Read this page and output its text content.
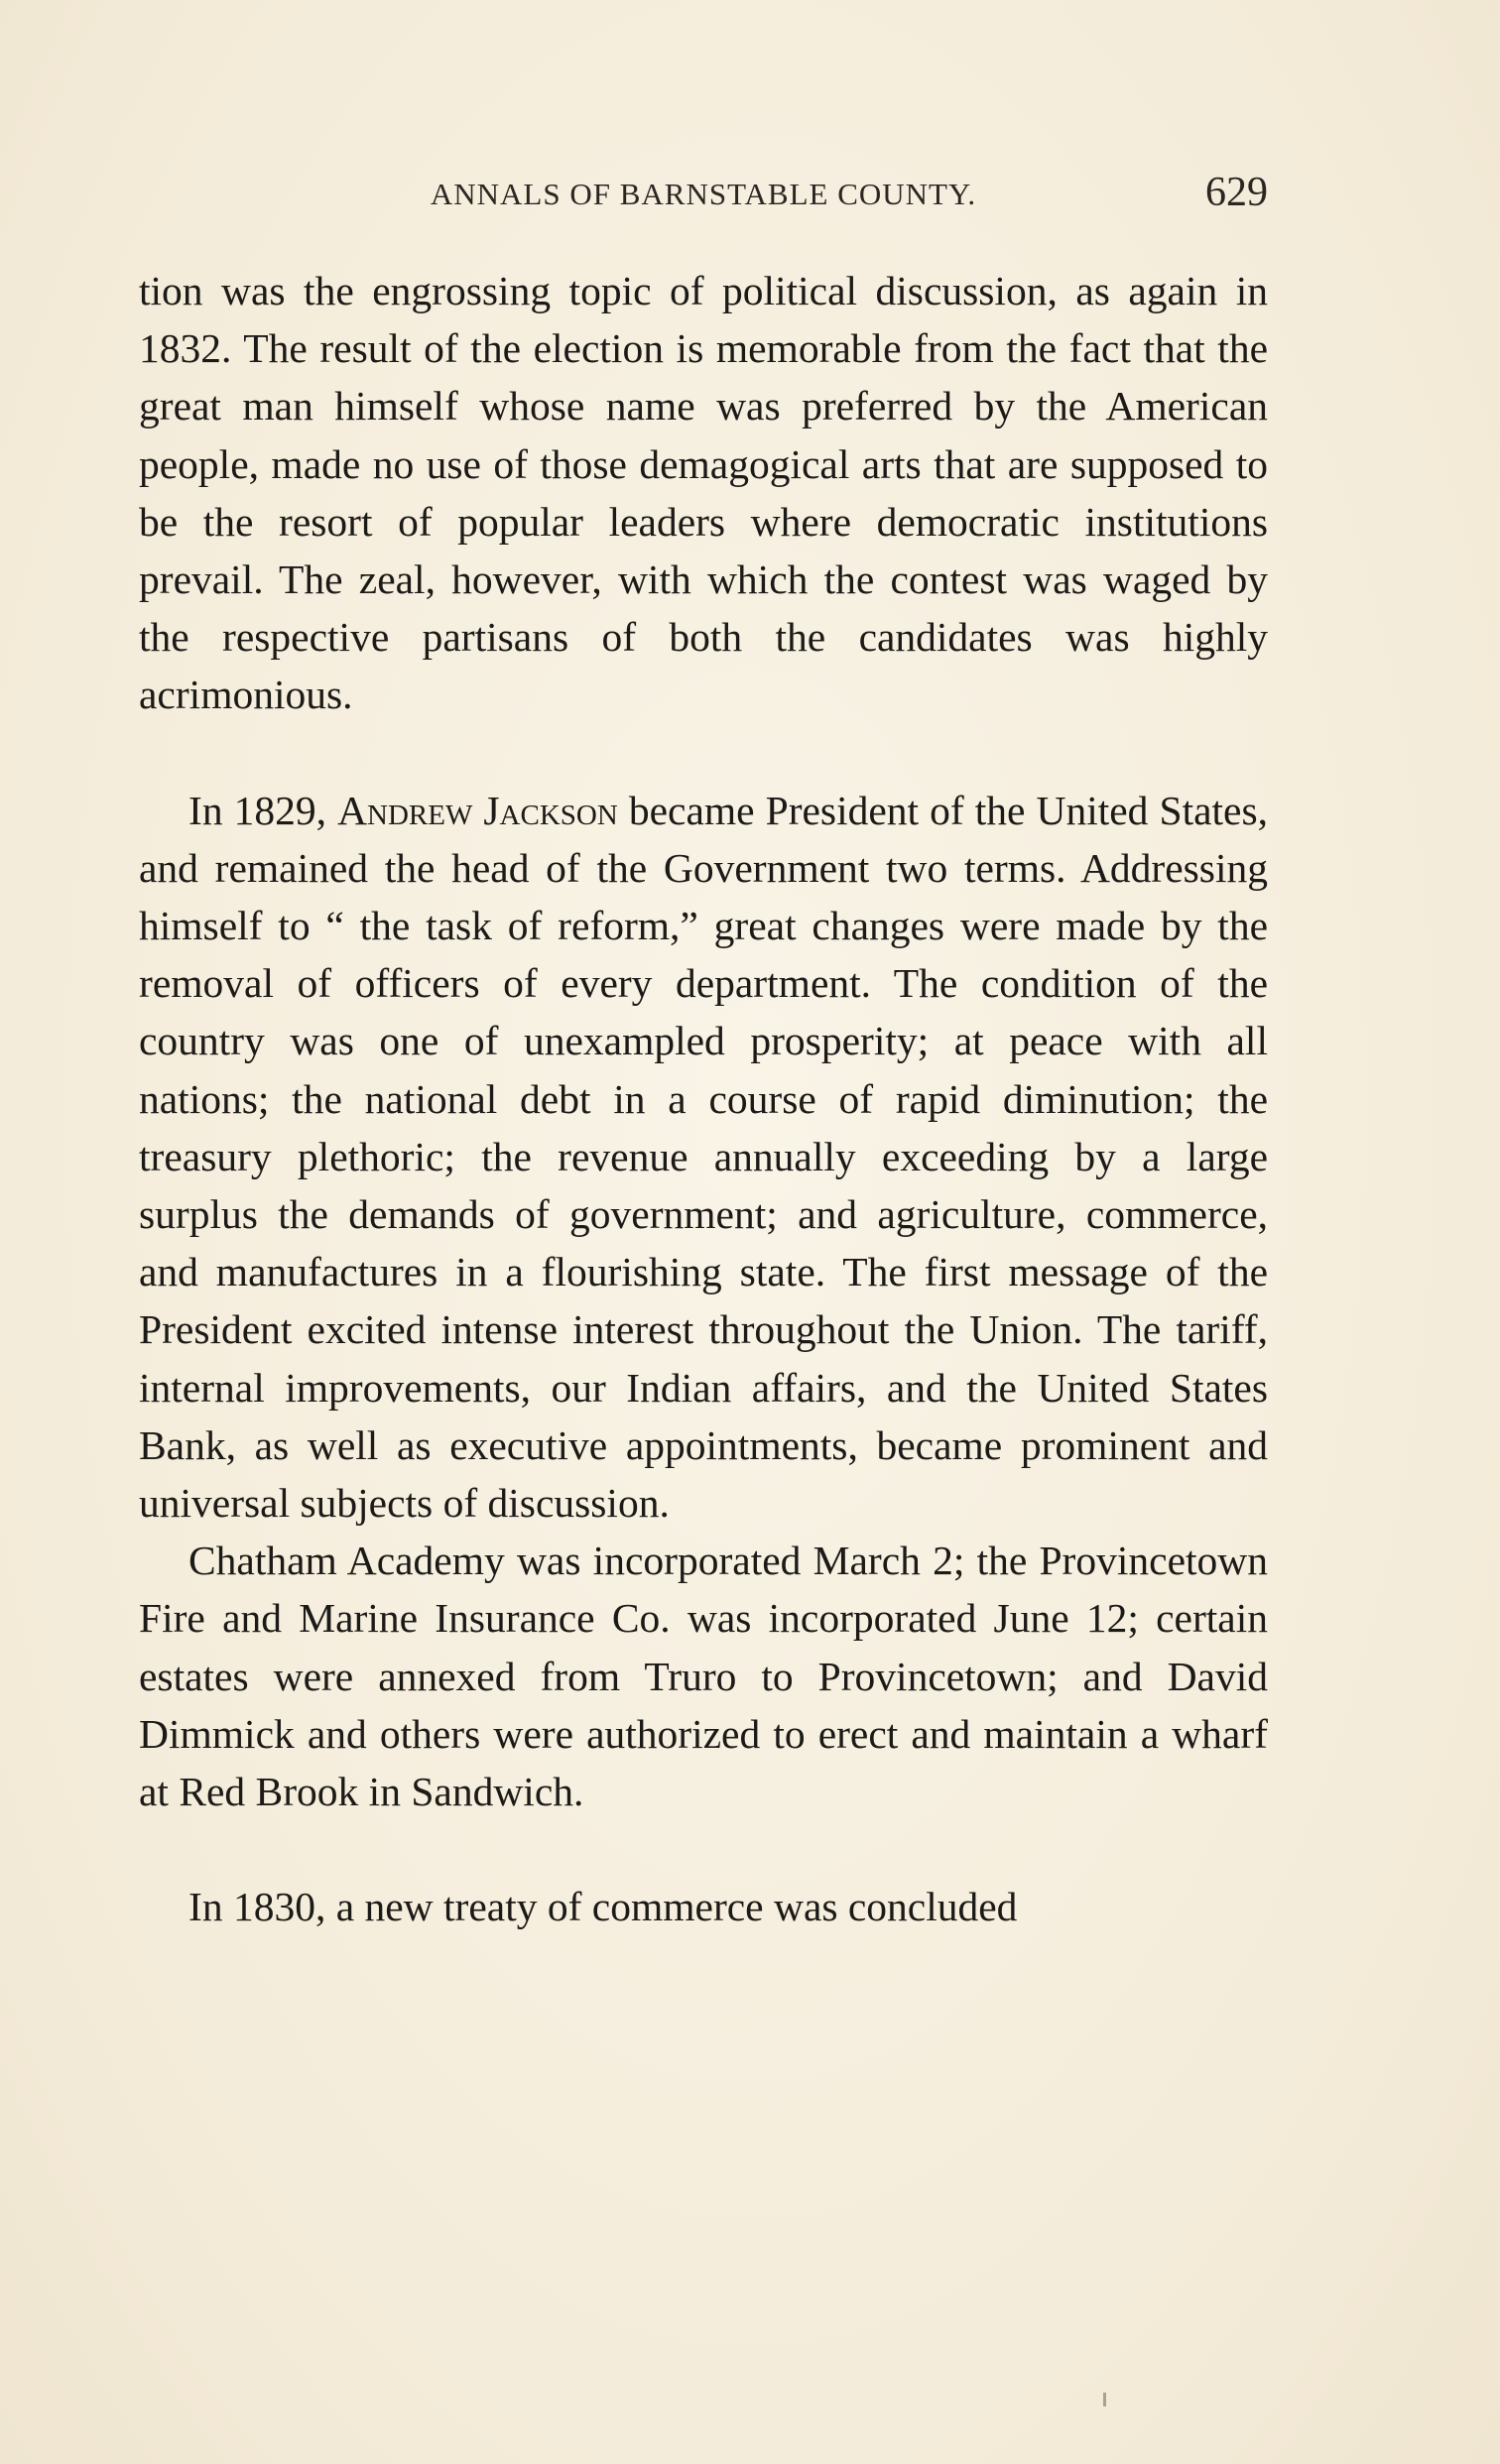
ANNALS OF BARNSTABLE COUNTY.	629

tion was the engrossing topic of political discussion, as again in 1832. The result of the election is memorable from the fact that the great man himself whose name was preferred by the American people, made no use of those demagogical arts that are supposed to be the resort of popular leaders where democratic institutions prevail. The zeal, however, with which the contest was waged by the respective partisans of both the candidates was highly acrimonious.

In 1829, Andrew Jackson became President of the United States, and remained the head of the Government two terms. Addressing himself to “ the task of reform,” great changes were made by the removal of officers of every department. The condition of the country was one of unexampled prosperity; at peace with all nations; the national debt in a course of rapid diminution; the treasury plethoric; the revenue annually exceeding by a large surplus the demands of government; and agriculture, commerce, and manufactures in a flourishing state. The first message of the President excited intense interest throughout the Union. The tariff, internal improvements, our Indian affairs, and the United States Bank, as well as executive appointments, became prominent and universal subjects of discussion.

Chatham Academy was incorporated March 2; the Provincetown Fire and Marine Insurance Co. was incorporated June 12; certain estates were annexed from Truro to Provincetown; and David Dimmick and others were authorized to erect and maintain a wharf at Red Brook in Sandwich.

In 1830, a new treaty of commerce was concluded
